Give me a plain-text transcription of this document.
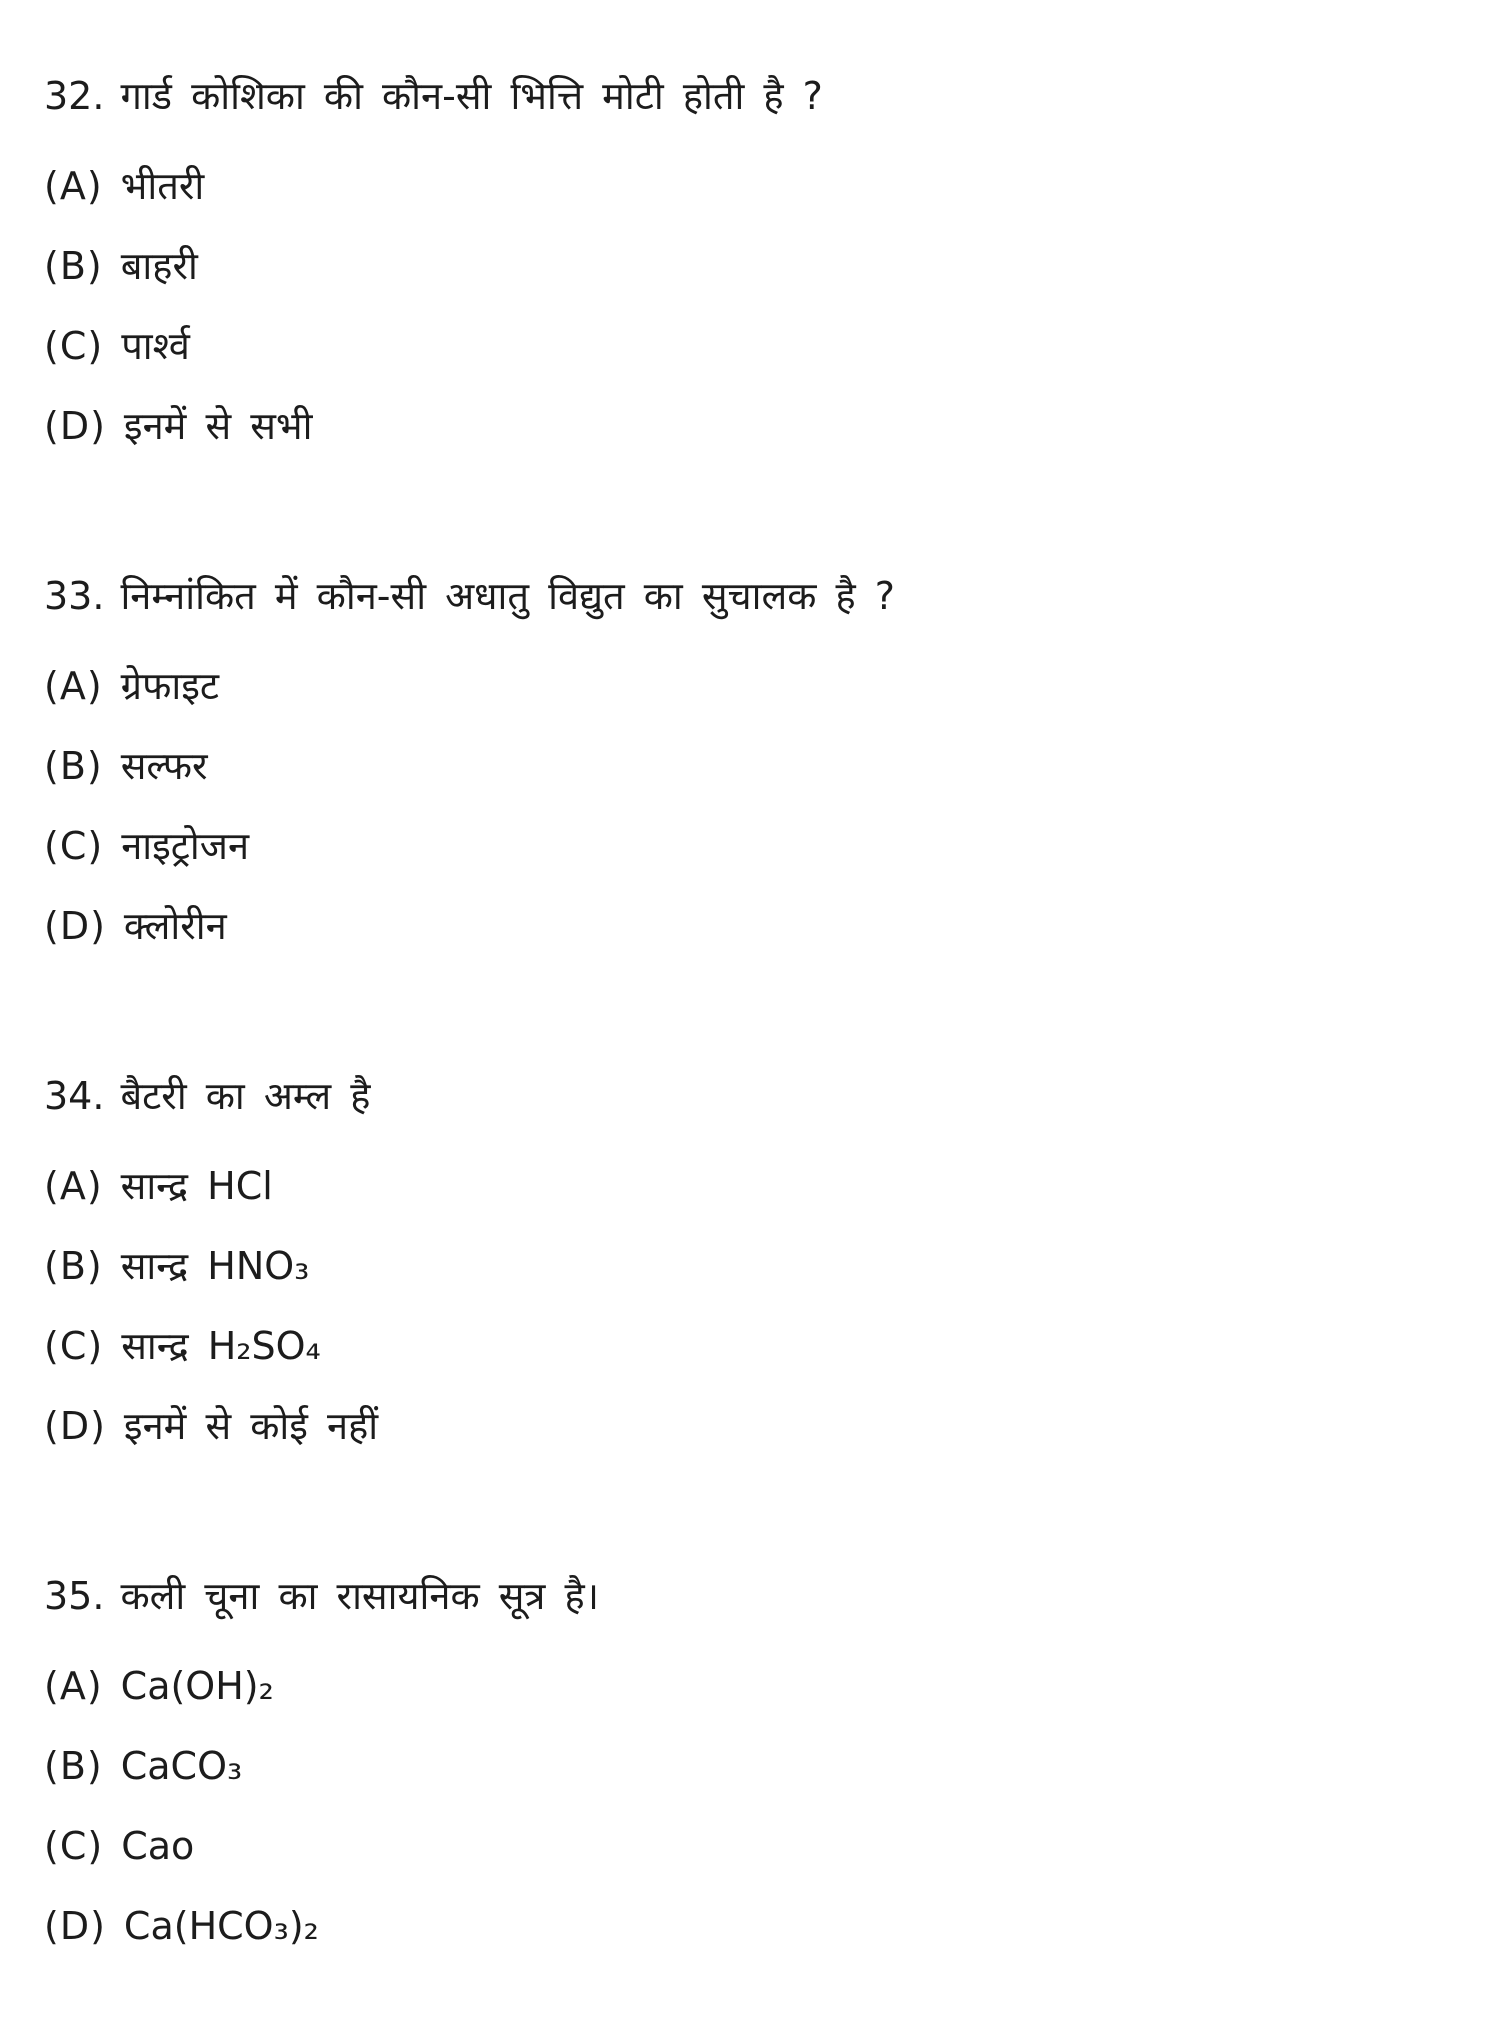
32. गार्ड कोशिका की कौन-सी भित्ति मोटी होती है ?
(A) भीतरी
(B) बाहरी
(C) पार्श्व
(D) इनमें से सभी
33. निम्नांकित में कौन-सी अधातु विद्युत का सुचालक है ?
(A) ग्रेफाइट
(B) सल्फर
(C) नाइट्रोजन
(D) क्लोरीन
34. बैटरी का अम्ल है
(A) सान्द्र HCl
(B) सान्द्र HNO₃
(C) सान्द्र H₂SO₄
(D) इनमें से कोई नहीं
35. कली चूना का रासायनिक सूत्र है।
(A) Ca(OH)₂
(B) CaCO₃
(C) Cao
(D) Ca(HCO₃)₂
